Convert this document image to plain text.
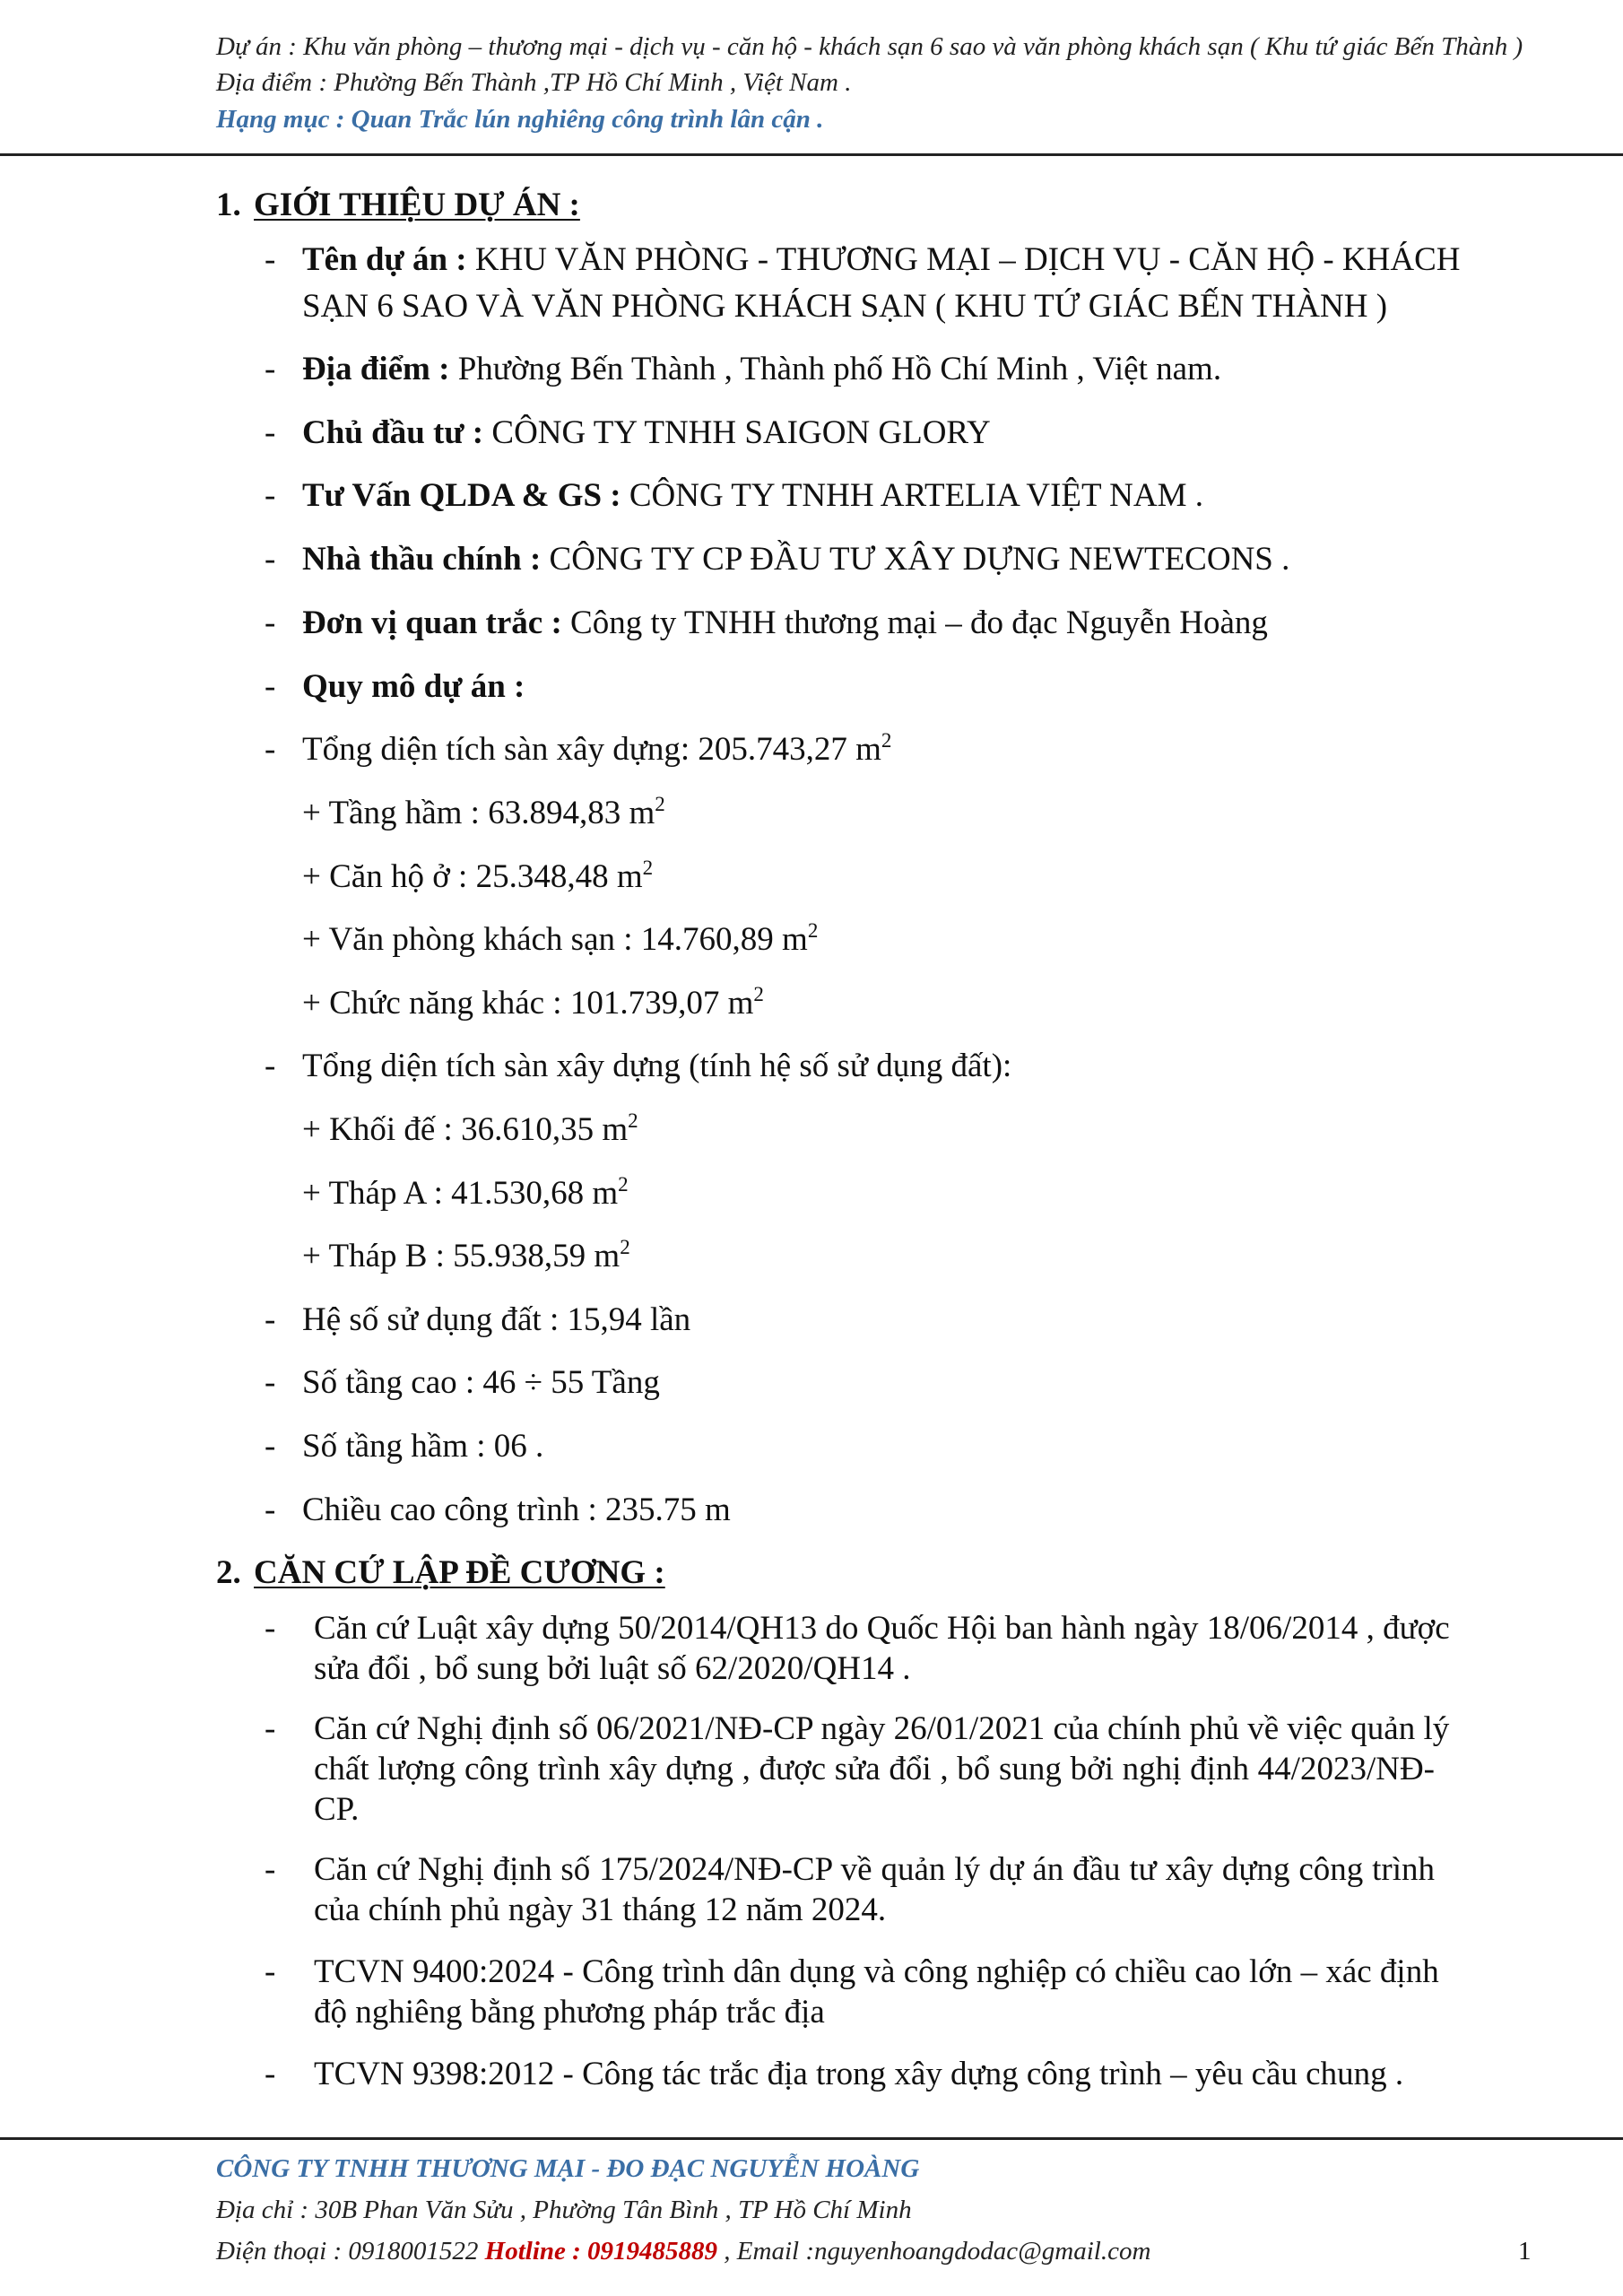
Dự án : Khu văn phòng – thương mại - dịch vụ - căn hộ - khách sạn 6 sao và văn phòng khách sạn ( Khu tứ giác Bến Thành )
Địa điểm : Phường Bến Thành ,TP Hồ Chí Minh , Việt Nam .
Hạng mục : Quan Trắc lún nghiêng công trình lân cận .
1. GIỚI THIỆU DỰ ÁN :
- Tên dự án : KHU VĂN PHÒNG - THƯƠNG MẠI – DỊCH VỤ - CĂN HỘ - KHÁCH
SẠN 6 SAO VÀ VĂN PHÒNG KHÁCH SẠN ( KHU TỨ GIÁC BẾN THÀNH )
- Địa điểm : Phường Bến Thành , Thành phố Hồ Chí Minh , Việt nam.
- Chủ đầu tư : CÔNG TY TNHH SAIGON GLORY
- Tư Vấn QLDA & GS : CÔNG TY TNHH ARTELIA VIỆT NAM .
- Nhà thầu chính : CÔNG TY CP ĐẦU TƯ XÂY DỰNG NEWTECONS .
- Đơn vị quan trắc : Công ty TNHH thương mại – đo đạc Nguyễn Hoàng
- Quy mô dự án :
- Tổng diện tích sàn xây dựng: 205.743,27 $m^2$
+ Tầng hầm : 63.894,83 $m^2$
+ Căn hộ ở : 25.348,48 $m^2$
+ Văn phòng khách sạn : 14.760,89 $m^2$
+ Chức năng khác : 101.739,07 $m^2$
- Tổng diện tích sàn xây dựng (tính hệ số sử dụng đất):
+ Khối đế : 36.610,35 $m^2$
+ Tháp A : 41.530,68 $m^2$
+ Tháp B : 55.938,59 $m^2$
- Hệ số sử dụng đất : 15,94 lần
- Số tầng cao : 46 ÷ 55 Tầng
- Số tầng hầm : 06 .
- Chiều cao công trình : 235.75 m
2. CĂN CỨ LẬP ĐỀ CƯƠNG :
- Căn cứ Luật xây dựng 50/2014/QH13 do Quốc Hội ban hành ngày 18/06/2014 , được
sửa đổi , bổ sung bởi luật số 62/2020/QH14 .
- Căn cứ Nghị định số 06/2021/NĐ-CP ngày 26/01/2021 của chính phủ về việc quản lý
chất lượng công trình xây dựng , được sửa đổi , bổ sung bởi nghị định 44/2023/NĐ-
CP.
- Căn cứ Nghị định số 175/2024/NĐ-CP về quản lý dự án đầu tư xây dựng công trình
của chính phủ ngày 31 tháng 12 năm 2024.
- TCVN 9400:2024 - Công trình dân dụng và công nghiệp có chiều cao lớn – xác định
độ nghiêng bằng phương pháp trắc địa
- TCVN 9398:2012 - Công tác trắc địa trong xây dựng công trình – yêu cầu chung .
CÔNG TY TNHH THƯƠNG MẠI - ĐO ĐẠC NGUYỄN HOÀNG
Địa chỉ : 30B Phan Văn Sửu , Phường Tân Bình , TP Hồ Chí Minh
Điện thoại : 0918001522 Hotline : 0919485889 , Email :nguyenhoangdodac@gmail.com	1
